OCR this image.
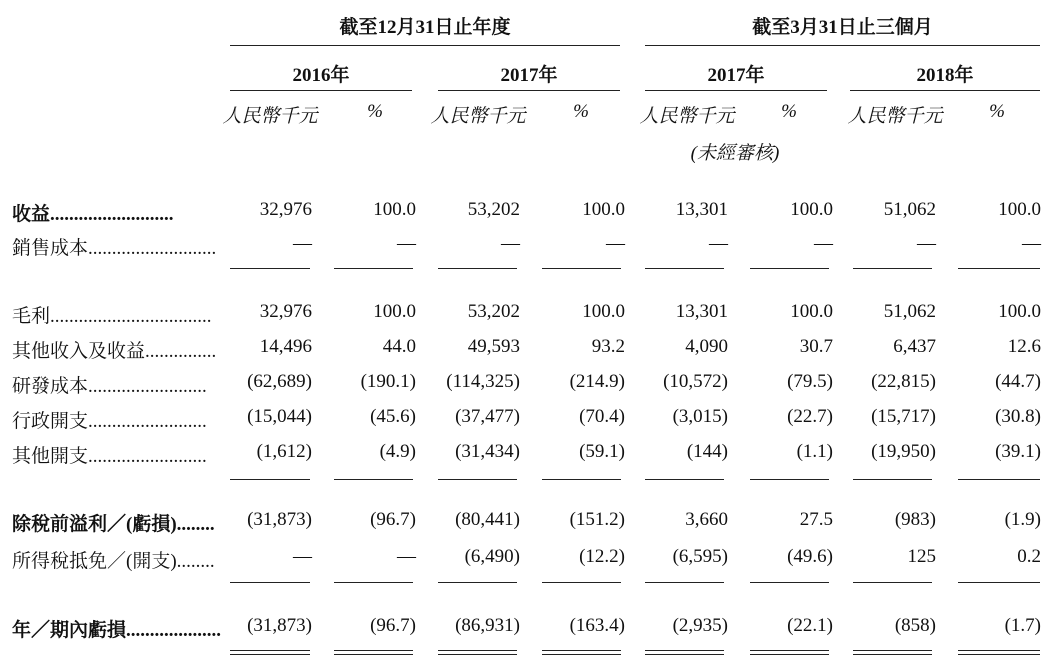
截至12月31日止年度	截至3月31日止三個月
2016年	2017年	2017年	2018年
人民幣千元	%	人民幣千元	%	人民幣千元	%	人民幣千元	%
(未經審核)
收益..........................	32,976	100.0	53,202	100.0	13,301	100.0	51,062	100.0
銷售成本...........................	—	—	—	—	—	—	—	—
毛利..................................	32,976	100.0	53,202	100.0	13,301	100.0	51,062	100.0
其他收入及收益...............	14,496	44.0	49,593	93.2	4,090	30.7	6,437	12.6
研發成本.........................	(62,689)	(190.1)	(114,325)	(214.9)	(10,572)	(79.5)	(22,815)	(44.7)
行政開支.........................	(15,044)	(45.6)	(37,477)	(70.4)	(3,015)	(22.7)	(15,717)	(30.8)
其他開支.........................	(1,612)	(4.9)	(31,434)	(59.1)	(144)	(1.1)	(19,950)	(39.1)
除稅前溢利／(虧損)........	(31,873)	(96.7)	(80,441)	(151.2)	3,660	27.5	(983)	(1.9)
所得稅抵免／(開支)........	—	—	(6,490)	(12.2)	(6,595)	(49.6)	125	0.2
年／期內虧損....................	(31,873)	(96.7)	(86,931)	(163.4)	(2,935)	(22.1)	(858)	(1.7)
